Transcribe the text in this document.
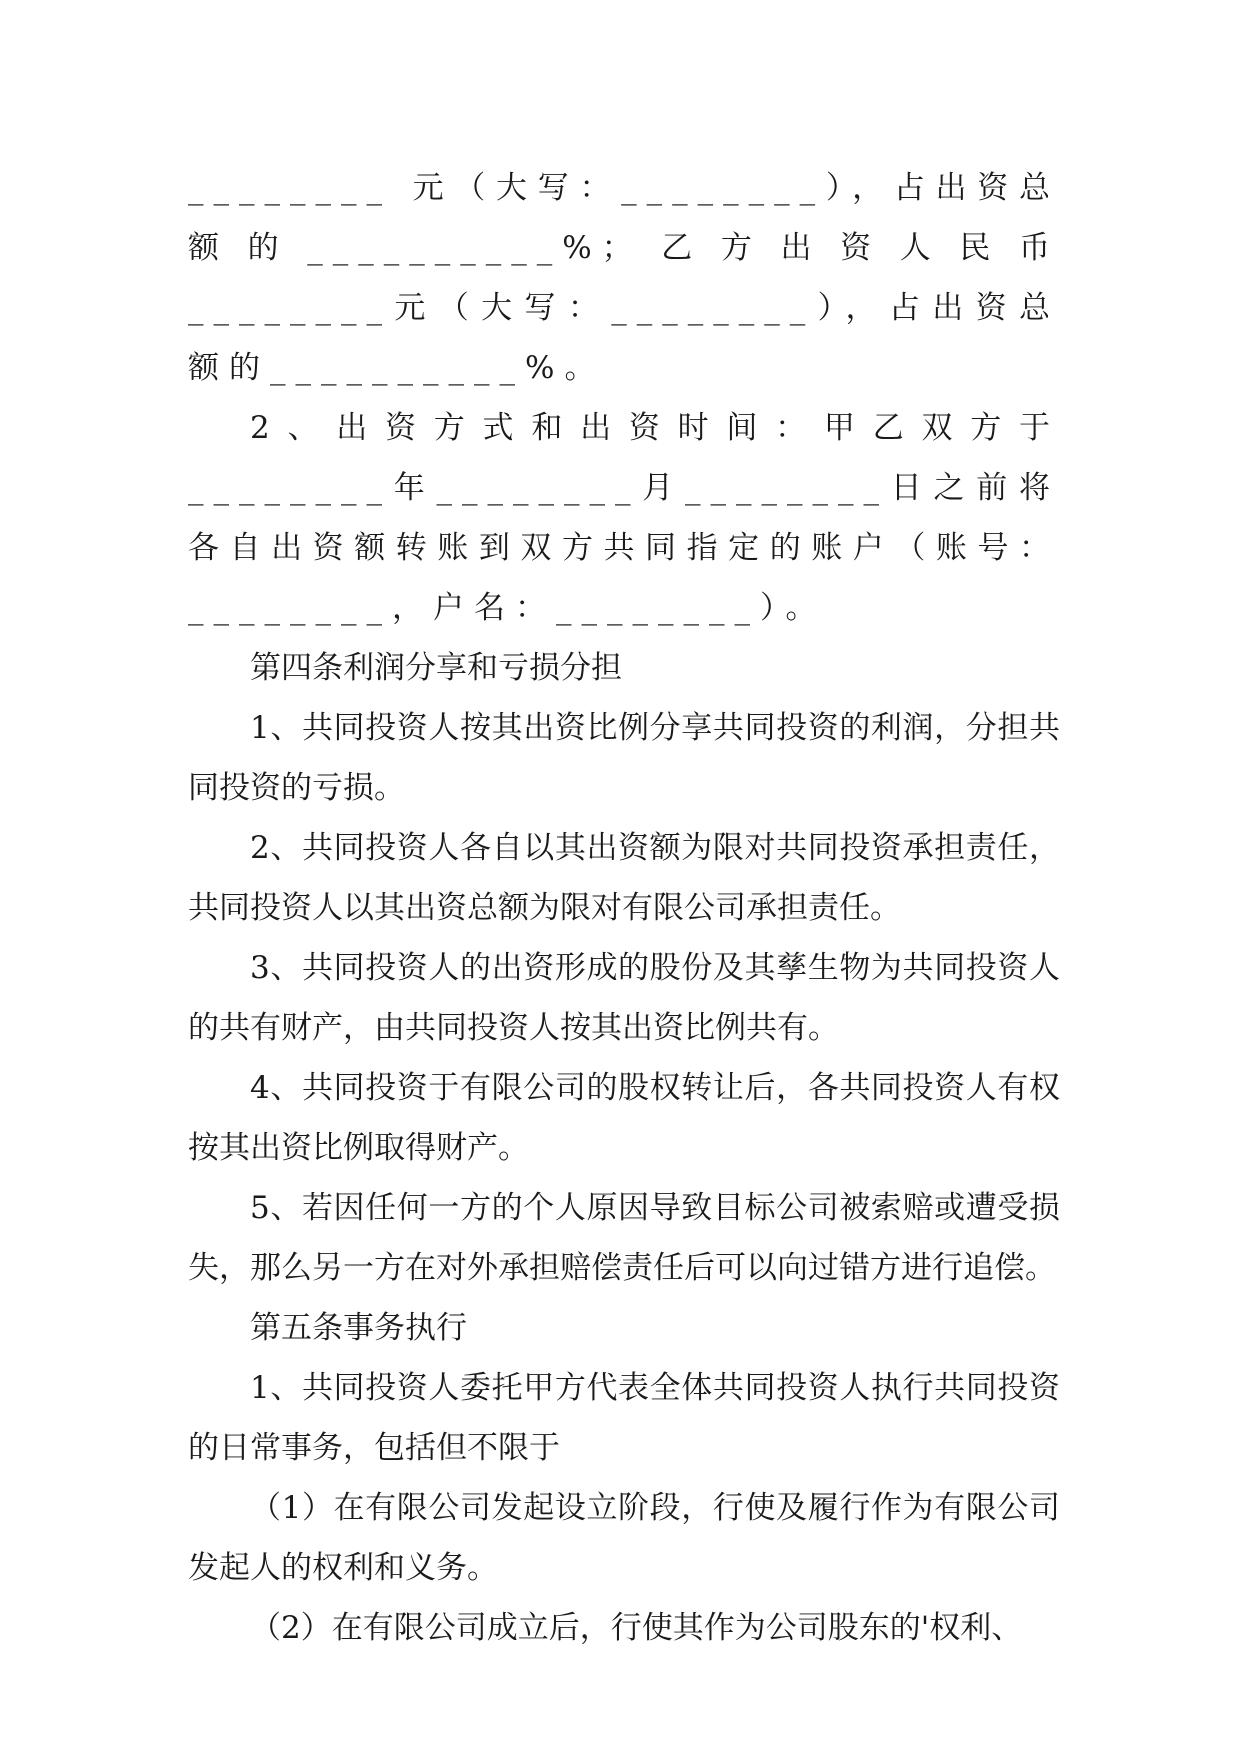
________ 元（大写：________），占出资总额的__________%；乙方出资人民币________元（大写：________），占出资总额的__________%。

2、出资方式和出资时间：甲乙双方于________年________月________日之前将各自出资额转账到双方共同指定的账户（账号：________，户名：________）。

第四条利润分享和亏损分担

1、共同投资人按其出资比例分享共同投资的利润，分担共同投资的亏损。

2、共同投资人各自以其出资额为限对共同投资承担责任，共同投资人以其出资总额为限对有限公司承担责任。

3、共同投资人的出资形成的股份及其孳生物为共同投资人的共有财产，由共同投资人按其出资比例共有。

4、共同投资于有限公司的股权转让后，各共同投资人有权按其出资比例取得财产。

5、若因任何一方的个人原因导致目标公司被索赔或遭受损失，那么另一方在对外承担赔偿责任后可以向过错方进行追偿。

第五条事务执行

1、共同投资人委托甲方代表全体共同投资人执行共同投资的日常事务，包括但不限于

（1）在有限公司发起设立阶段，行使及履行作为有限公司发起人的权利和义务。

（2）在有限公司成立后，行使其作为公司股东的'权利、
